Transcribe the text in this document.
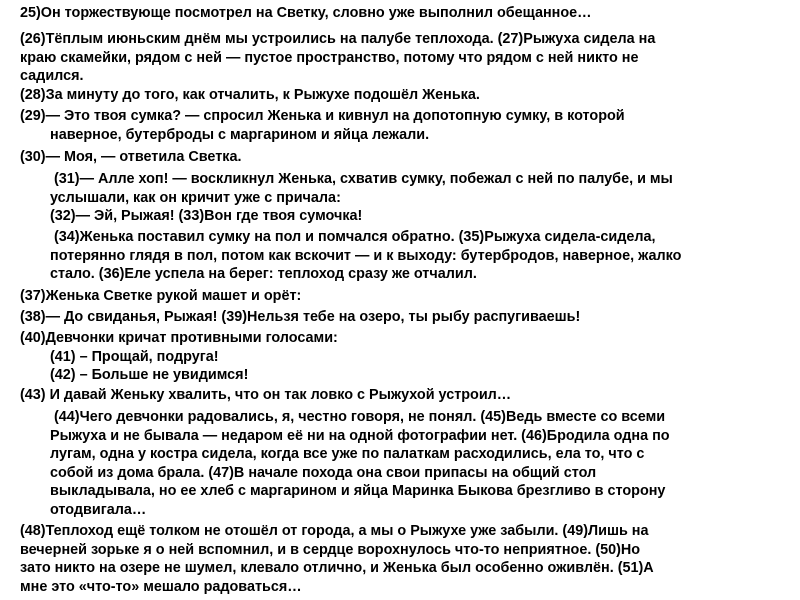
25)Он торжествующе посмотрел на Светку, словно уже выполнил обещанное…

(26)Тёплым июньским днём мы устроились на палубе теплохода. (27)Рыжуха сидела на
краю скамейки, рядом с ней — пустое пространство, потому что рядом с ней никто не
садился.

(28)За минуту до того, как отчалить, к Рыжухе подошёл Женька.

(29)— Это твоя сумка? — спросил Женька и кивнул на допотопную сумку, в которой
наверное, бутерброды с маргарином и яйца лежали.

(30)— Моя, — ответила Светка.

(31)— Алле хоп! — воскликнул Женька, схватив сумку, побежал с ней по палубе, и мы
услышали, как он кричит уже с причала:
(32)— Эй, Рыжая! (33)Вон где твоя сумочка!

(34)Женька поставил сумку на пол и помчался обратно. (35)Рыжуха сидела-сидела,
потерянно глядя в пол, потом как вскочит — и к выходу: бутербродов, наверное, жалко
стало. (36)Еле успела на берег: теплоход сразу же отчалил.

(37)Женька Светке рукой машет и орёт:

(38)— До свиданья, Рыжая! (39)Нельзя тебе на озеро, ты рыбу распугиваешь!

(40)Девчонки кричат противными голосами:
(41) – Прощай, подруга!
(42) – Больше не увидимся!

(43) И давай Женьку хвалить, что он так ловко с Рыжухой устроил…

(44)Чего девчонки радовались, я, честно говоря, не понял. (45)Ведь вместе со всеми
Рыжуха и не бывала — недаром её ни на одной фотографии нет. (46)Бродила одна по
лугам, одна у костра сидела, когда все уже по палаткам расходились, ела то, что с
собой из дома брала. (47)В начале похода она свои припасы на общий стол
выкладывала, но ее хлеб с маргарином и яйца Маринка Быкова брезгливо в сторону
отодвигала…

(48)Теплоход ещё толком не отошёл от города, а мы о Рыжухе уже забыли. (49)Лишь на
вечерней зорьке я о ней вспомнил, и в сердце ворохнулось что-то неприятное. (50)Но
зато никто на озере не шумел, клевало отлично, и Женька был особенно оживлён. (51)А
мне это «что-то» мешало радоваться…
